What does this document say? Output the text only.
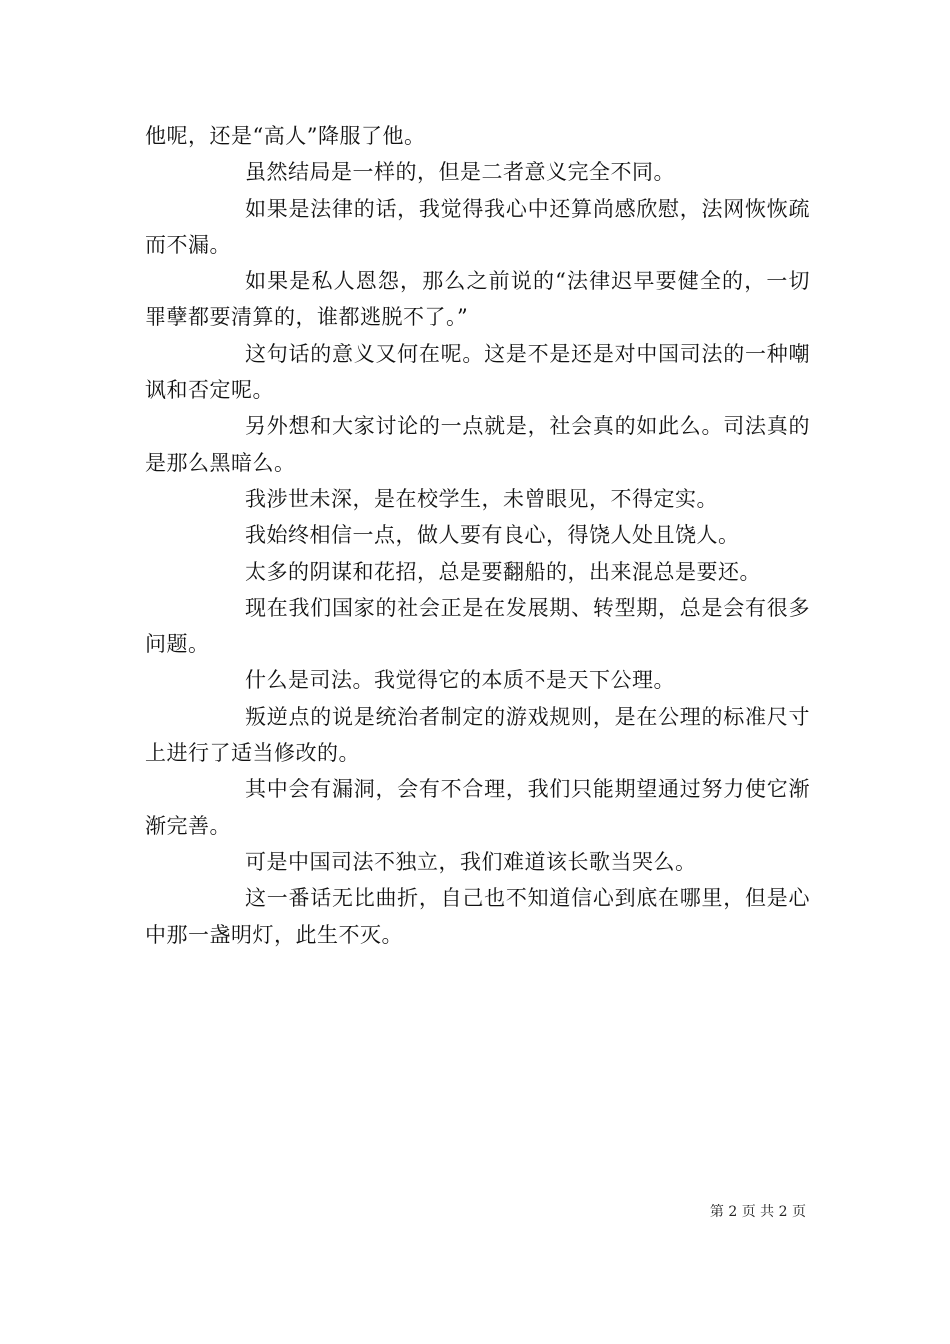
他呢，还是“高人”降服了他。

虽然结局是一样的，但是二者意义完全不同。

如果是法律的话，我觉得我心中还算尚感欣慰，法网恢恢疏而不漏。

如果是私人恩怨，那么之前说的“法律迟早要健全的，一切罪孽都要清算的，谁都逃脱不了。”

这句话的意义又何在呢。这是不是还是对中国司法的一种嘲讽和否定呢。

另外想和大家讨论的一点就是，社会真的如此么。司法真的是那么黑暗么。

我涉世未深，是在校学生，未曾眼见，不得定实。

我始终相信一点，做人要有良心，得饶人处且饶人。

太多的阴谋和花招，总是要翻船的，出来混总是要还。

现在我们国家的社会正是在发展期、转型期，总是会有很多问题。

什么是司法。我觉得它的本质不是天下公理。

叛逆点的说是统治者制定的游戏规则，是在公理的标准尺寸上进行了适当修改的。

其中会有漏洞，会有不合理，我们只能期望通过努力使它渐渐完善。

可是中国司法不独立，我们难道该长歌当哭么。

这一番话无比曲折，自己也不知道信心到底在哪里，但是心中那一盏明灯，此生不灭。

第 2 页 共 2 页
